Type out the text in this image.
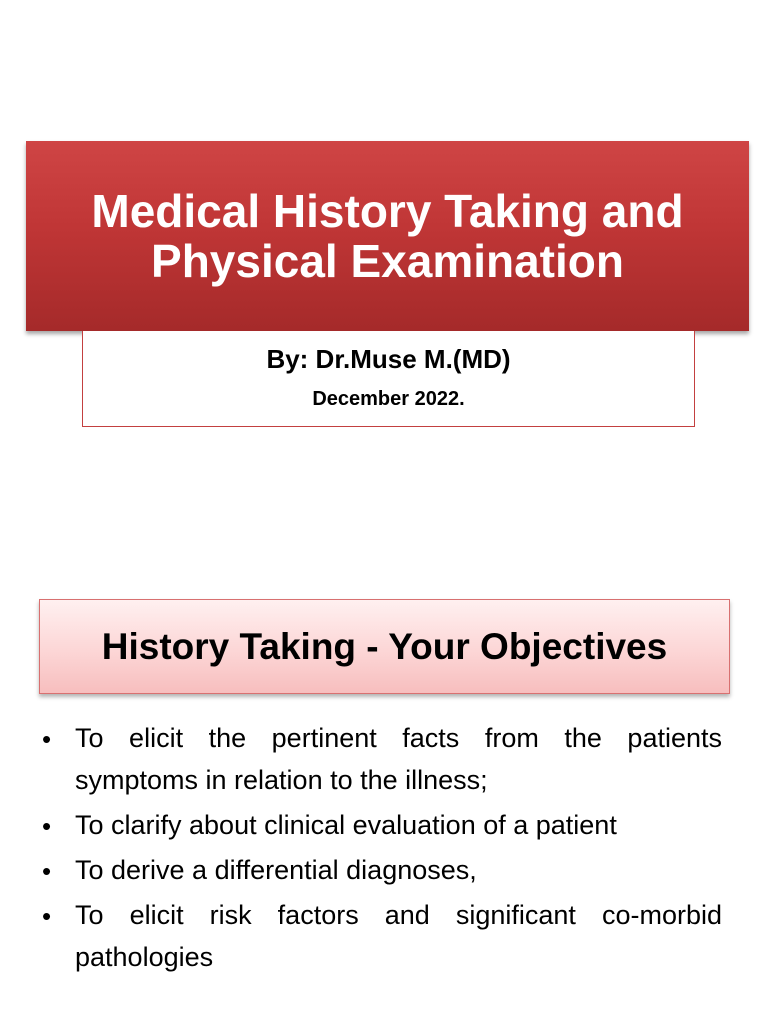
Medical History Taking and
Physical Examination
By: Dr.Muse M.(MD)
December 2022.
History Taking - Your Objectives
• To elicit the pertinent facts from the patients symptoms in relation to the illness;
• To clarify about clinical evaluation of a patient
• To derive a differential diagnoses,
• To elicit risk factors and significant co-morbid pathologies
